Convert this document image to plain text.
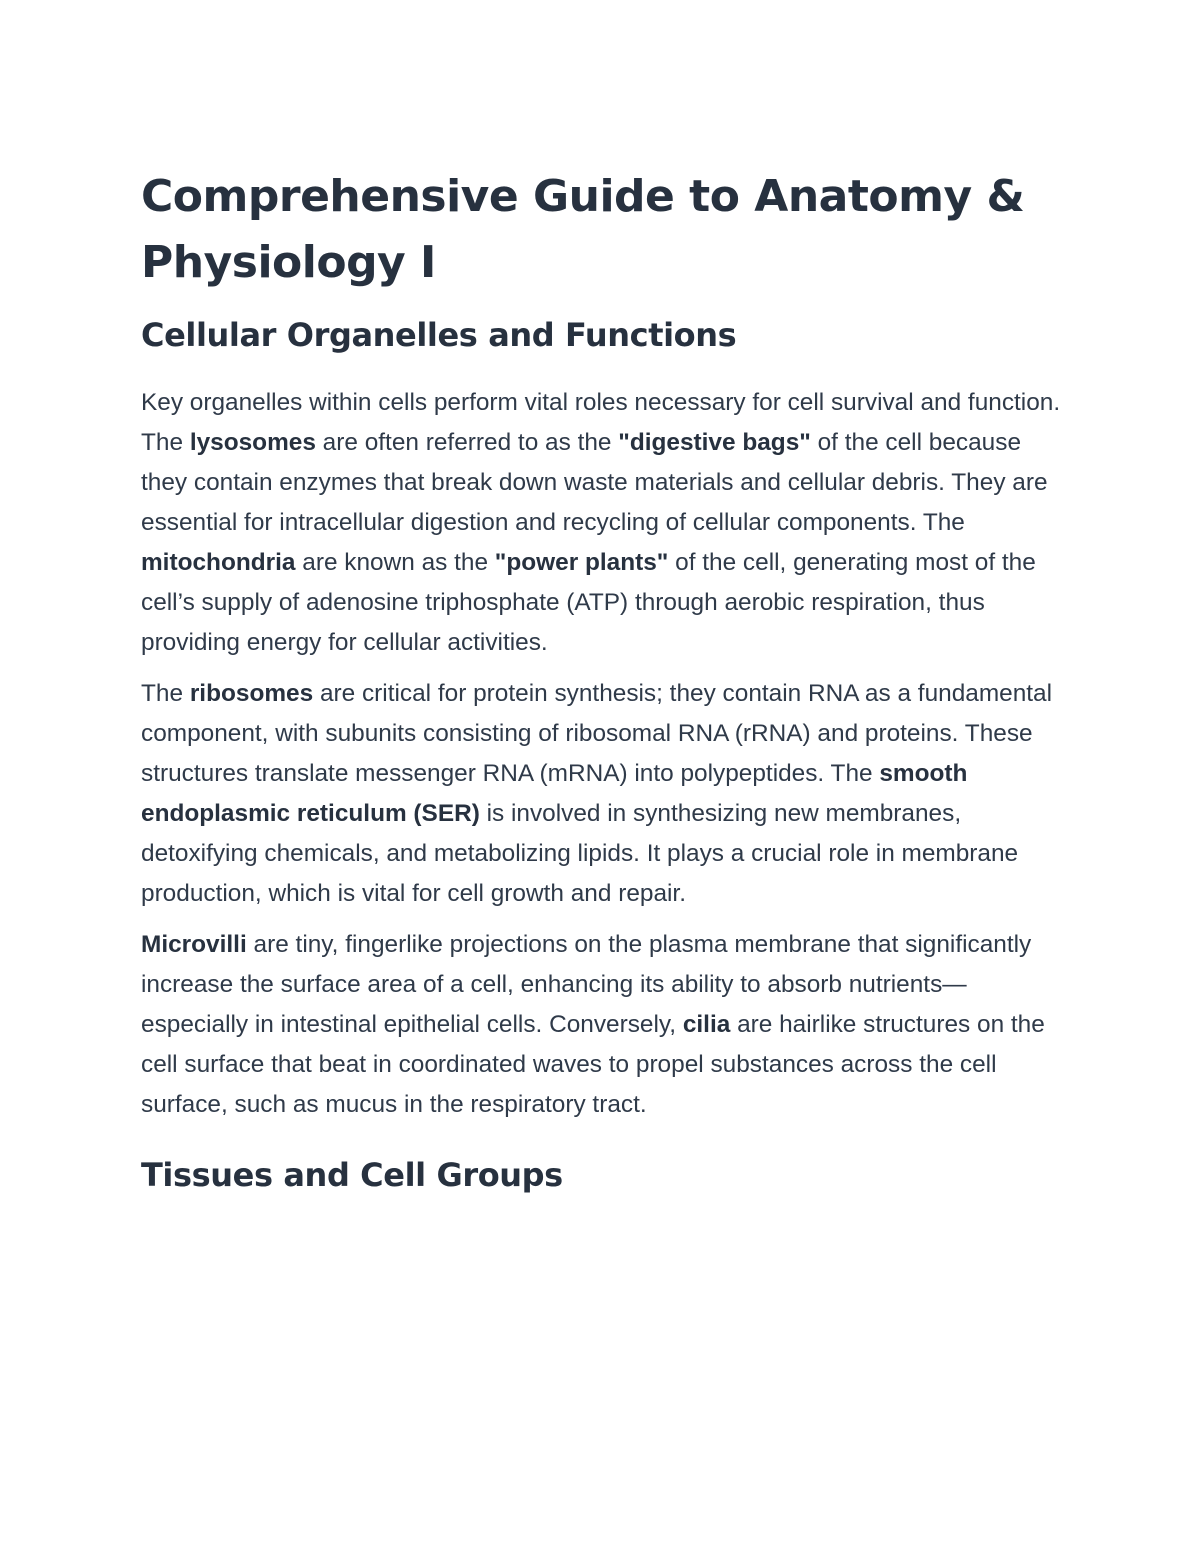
Comprehensive Guide to Anatomy & Physiology I
Cellular Organelles and Functions

Key organelles within cells perform vital roles necessary for cell survival and function. The lysosomes are often referred to as the "digestive bags" of the cell because they contain enzymes that break down waste materials and cellular debris. They are essential for intracellular digestion and recycling of cellular components. The mitochondria are known as the "power plants" of the cell, generating most of the cell’s supply of adenosine triphosphate (ATP) through aerobic respiration, thus providing energy for cellular activities.

The ribosomes are critical for protein synthesis; they contain RNA as a fundamental component, with subunits consisting of ribosomal RNA (rRNA) and proteins. These structures translate messenger RNA (mRNA) into polypeptides. The smooth endoplasmic reticulum (SER) is involved in synthesizing new membranes, detoxifying chemicals, and metabolizing lipids. It plays a crucial role in membrane production, which is vital for cell growth and repair.

Microvilli are tiny, fingerlike projections on the plasma membrane that significantly increase the surface area of a cell, enhancing its ability to absorb nutrients—especially in intestinal epithelial cells. Conversely, cilia are hairlike structures on the cell surface that beat in coordinated waves to propel substances across the cell surface, such as mucus in the respiratory tract.

Tissues and Cell Groups
